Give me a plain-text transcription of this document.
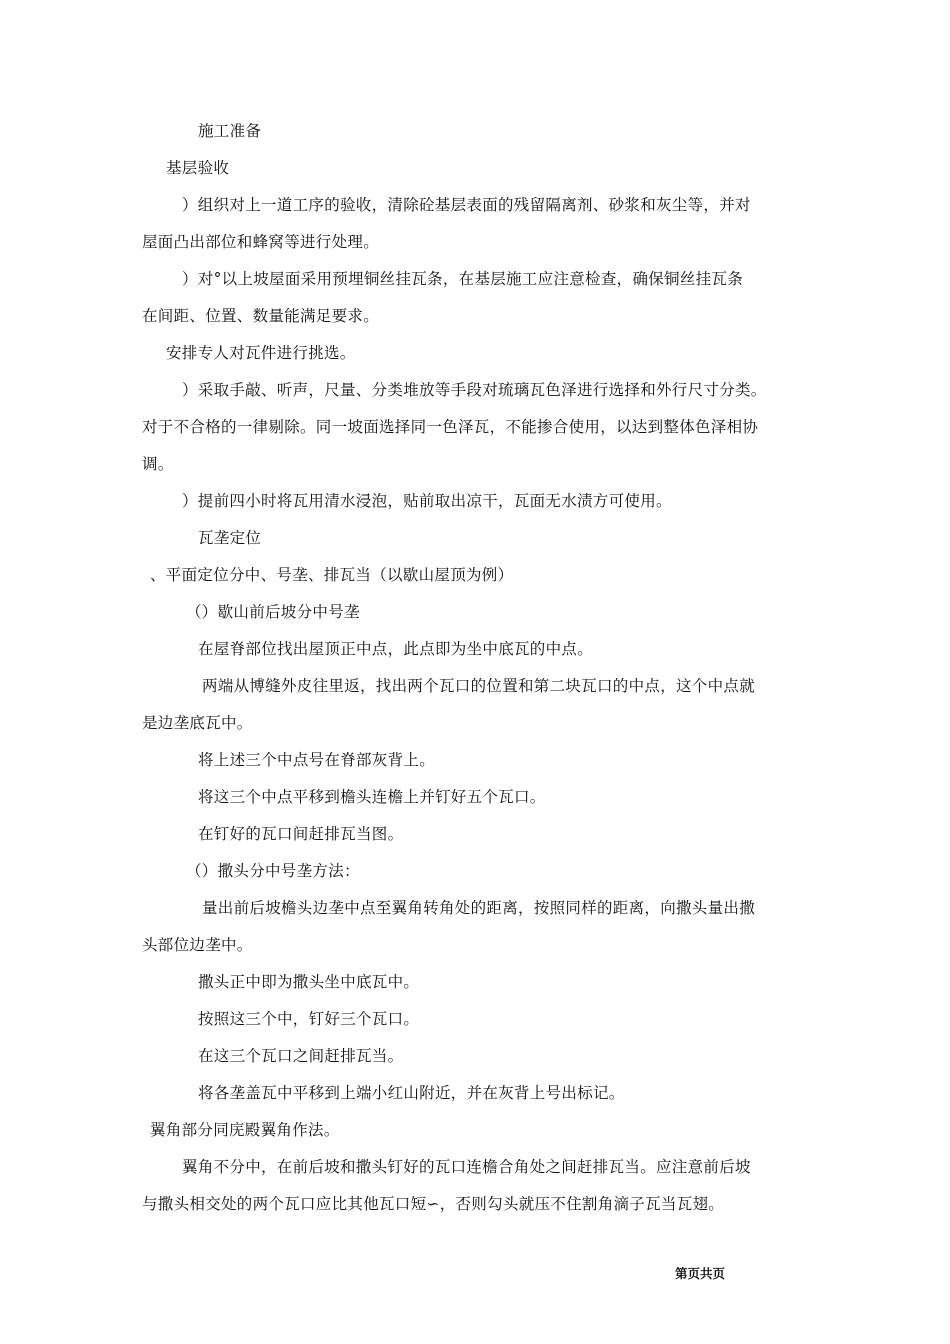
施工准备
基层验收
）组织对上一道工序的验收，清除砼基层表面的残留隔离剂、砂浆和灰尘等，并对
屋面凸出部位和蜂窝等进行处理。
）对°以上坡屋面采用预埋铜丝挂瓦条，在基层施工应注意检查，确保铜丝挂瓦条
在间距、位置、数量能满足要求。
安排专人对瓦件进行挑选。
）采取手敲、听声，尺量、分类堆放等手段对琉璃瓦色泽进行选择和外行尺寸分类。
对于不合格的一律剔除。同一坡面选择同一色泽瓦，不能掺合使用，以达到整体色泽相协
调。
）提前四小时将瓦用清水浸泡，贴前取出凉干，瓦面无水渍方可使用。
瓦垄定位
、平面定位分中、号垄、排瓦当（以歇山屋顶为例）
（）歇山前后坡分中号垄
在屋脊部位找出屋顶正中点，此点即为坐中底瓦的中点。
两端从博缝外皮往里返，找出两个瓦口的位置和第二块瓦口的中点，这个中点就
是边垄底瓦中。
将上述三个中点号在脊部灰背上。
将这三个中点平移到檐头连檐上并钉好五个瓦口。
在钉好的瓦口间赶排瓦当图。
（）撒头分中号垄方法：
量出前后坡檐头边垄中点至翼角转角处的距离，按照同样的距离，向撒头量出撒
头部位边垄中。
撒头正中即为撒头坐中底瓦中。
按照这三个中，钉好三个瓦口。
在这三个瓦口之间赶排瓦当。
将各垄盖瓦中平移到上端小红山附近，并在灰背上号出标记。
翼角部分同庑殿翼角作法。
翼角不分中，在前后坡和撒头钉好的瓦口连檐合角处之间赶排瓦当。应注意前后坡
与撒头相交处的两个瓦口应比其他瓦口短∽，否则勾头就压不住割角滴子瓦当瓦翅。
第页共页
